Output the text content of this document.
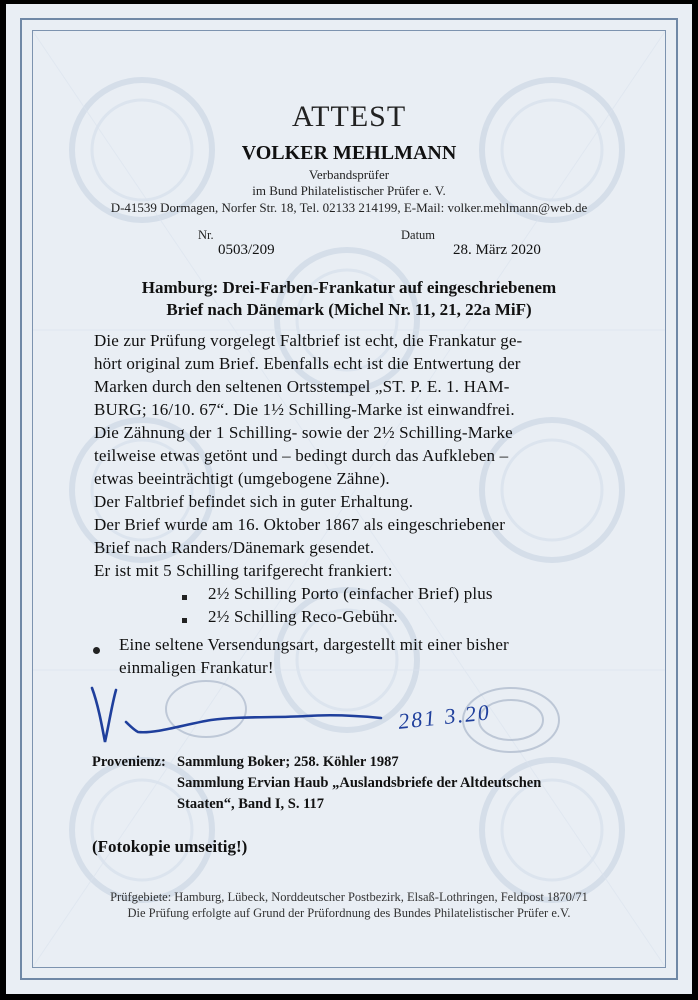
ATTEST
VOLKER MEHLMANN
Verbandsprüfer
im Bund Philatelistischer Prüfer e. V.
D-41539 Dormagen, Norfer Str. 18, Tel. 02133 214199, E-Mail: volker.mehlmann@web.de
Nr.
0503/209
Datum
28. März 2020
Hamburg: Drei-Farben-Frankatur auf eingeschriebenem
Brief nach Dänemark (Michel Nr. 11, 21, 22a MiF)
Die zur Prüfung vorgelegt Faltbrief ist echt, die Frankatur ge-
hört original zum Brief. Ebenfalls echt ist die Entwertung der
Marken durch den seltenen Ortsstempel „ST. P. E. 1. HAM-
BURG; 16/10. 67“. Die 1½ Schilling-Marke ist einwandfrei.
Die Zähnung der 1 Schilling- sowie der 2½ Schilling-Marke
teilweise etwas getönt und – bedingt durch das Aufkleben –
etwas beeinträchtigt (umgebogene Zähne).
Der Faltbrief befindet sich in guter Erhaltung.
Der Brief wurde am 16. Oktober 1867 als eingeschriebener
Brief nach Randers/Dänemark gesendet.
Er ist mit 5 Schilling tarifgerecht frankiert:
2½ Schilling Porto (einfacher Brief) plus
2½ Schilling Reco-Gebühr.
Eine seltene Versendungsart, dargestellt mit einer bisher
einmaligen Frankatur!
281 3.20
Provenienz: Sammlung Boker; 258. Köhler 1987
Sammlung Ervian Haub „Auslandsbriefe der Altdeutschen
Staaten“, Band I, S. 117
(Fotokopie umseitig!)
Prüfgebiete: Hamburg, Lübeck, Norddeutscher Postbezirk, Elsaß-Lothringen, Feldpost 1870/71
Die Prüfung erfolgte auf Grund der Prüfordnung des Bundes Philatelistischer Prüfer e.V.
